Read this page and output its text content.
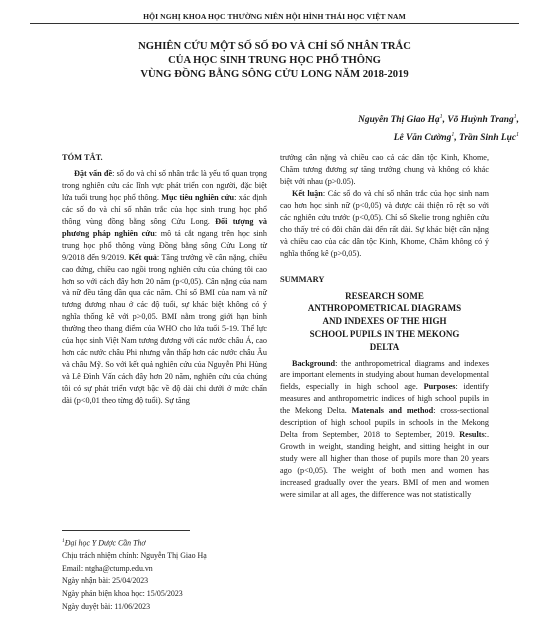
HỘI NGHỊ KHOA HỌC THƯỜNG NIÊN HỘI HÌNH THÁI HỌC VIỆT NAM
NGHIÊN CỨU MỘT SỐ SỐ ĐO VÀ CHỈ SỐ NHÂN TRẮC
CỦA HỌC SINH TRUNG HỌC PHỔ THÔNG
VÙNG ĐỒNG BẰNG SÔNG CỬU LONG NĂM 2018-2019
Nguyễn Thị Giao Hạ$^1$, Võ Huỳnh Trang$^1$,
Lê Văn Cường$^1$, Trần Sinh Lục$^1$
TÓM TẮT.

Đặt vấn đề: số đo và chỉ số nhân trắc là yếu tố quan trọng trong nghiên cứu các lĩnh vực phát triển con người, đặc biệt lứa tuổi trung học phổ thông. Mục tiêu nghiên cứu: xác định các số đo và chỉ số nhân trắc của học sinh trung học phổ thông vùng đồng bằng sông Cửu Long. Đối tượng và phương pháp nghiên cứu: mô tả cắt ngang trên học sinh trung học phổ thông vùng Đồng bằng sông Cửu Long từ 9/2018 đến 9/2019. Kết quả: Tăng trưởng về cân nặng, chiều cao đứng, chiều cao ngồi trong nghiên cứu của chúng tôi cao hơn so với cách đây hơn 20 năm (p<0,05). Cân nặng của nam và nữ đều tăng dần qua các năm. Chỉ số BMI của nam và nữ tương đương nhau ở các độ tuổi, sự khác biệt không có ý nghĩa thống kê với p>0,05. BMI nằm trong giới hạn bình thường theo thang điểm của WHO cho lứa tuổi 5-19. Thể lực của học sinh Việt Nam tương đương với các nước châu Á, cao hơn các nước châu Phi nhưng vẫn thấp hơn các nước châu Âu và châu Mỹ. So với kết quả nghiên cứu của Nguyễn Phi Hùng và Lê Đình Vấn cách đây hơn 20 năm, nghiên cứu của chúng tôi có sự phát triển vượt bậc về độ dài chi dưới ở mức chấn dài (p<0,01 theo từng độ tuổi). Sự tăng

trưởng cân nặng và chiều cao cả các dân tộc Kinh, Khome, Chăm tương đương sự tăng trưởng chung và không có khác biệt với nhau (p>0.05).

Kết luận: Các số đo và chỉ số nhân trắc của học sinh nam cao hơn học sinh nữ (p<0,05) và được cải thiện rõ rệt so với các nghiên cứu trước (p<0,05). Chỉ số Skelie trong nghiên cứu cho thấy trẻ có đôi chân dài đến rất dài. Sự khác biệt cân nặng và chiều cao của các dân tộc Kinh, Khome, Chăm không có ý nghĩa thống kê (p>0,05).

SUMMARY
RESEARCH SOME
ANTHROPOMETRICAL DIAGRAMS
AND INDEXES OF THE HIGH
SCHOOL PUPILS IN THE MEKONG
DELTA

Background: the anthropometrical diagrams and indexes are important elements in studying about human developmental fields, especially in high school age. Purposes: identify measures and anthropometric indices of high school pupils in the Mekong Delta. Matenals and method: cross-sectional description of high school pupils in schools in the Mekong Delta from September, 2018 to September, 2019. Results:. Growth in weight, standing height, and sitting height in our study were all higher than those of pupils more than 20 years ago (p<0,05). The weight of both men and women has increased gradually over the years. BMI of men and women were similar at all ages, the difference was not statistically

$^1$Đại học Y Dược Cần Thơ
Chịu trách nhiệm chính: Nguyễn Thị Giao Hạ
Email: ntgha@ctump.edu.vn
Ngày nhận bài: 25/04/2023
Ngày phản biện khoa học: 15/05/2023
Ngày duyệt bài: 11/06/2023
